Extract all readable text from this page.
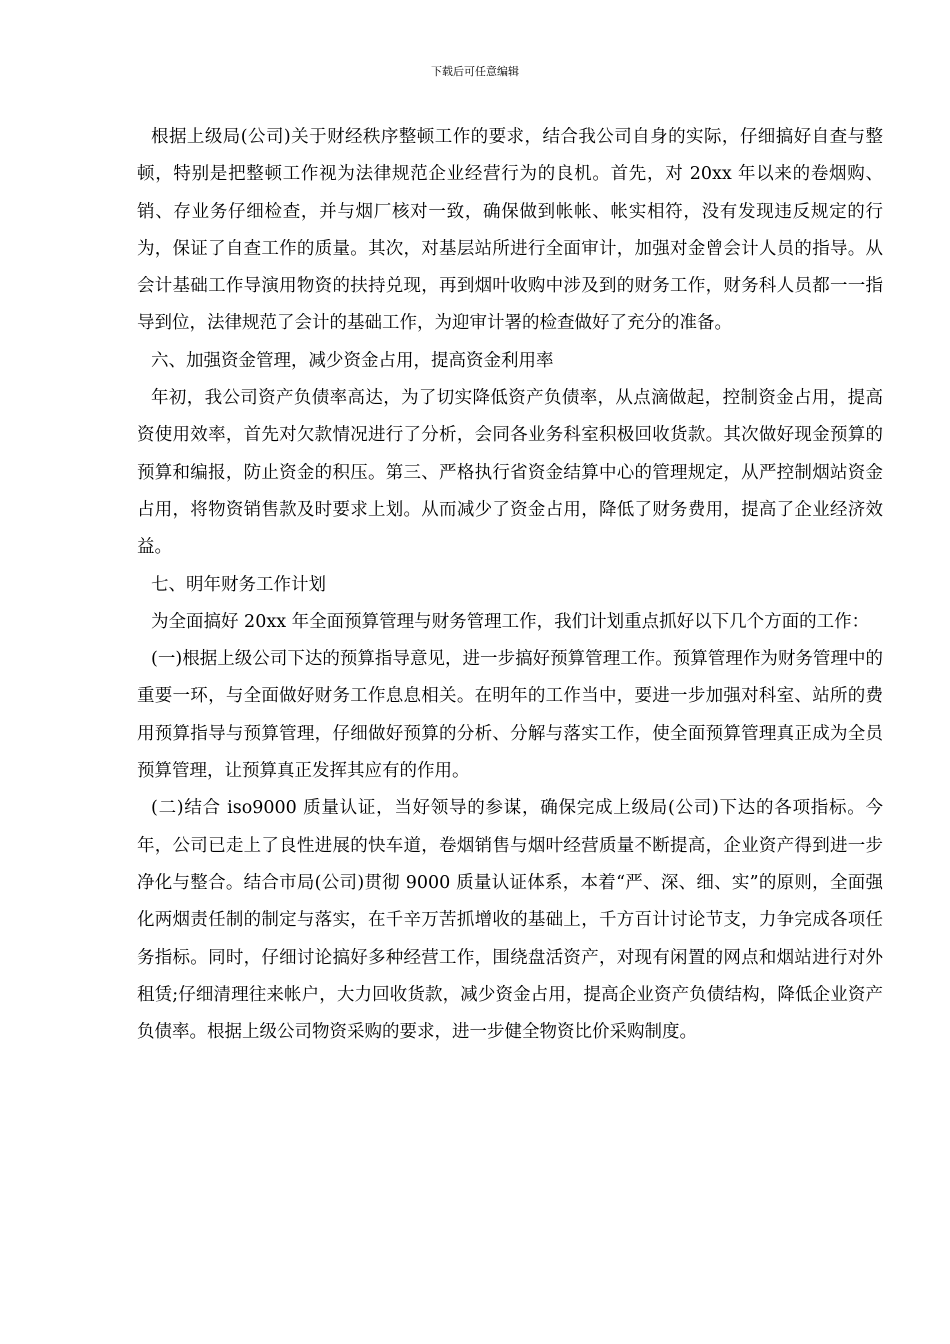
下载后可任意编辑

根据上级局(公司)关于财经秩序整顿工作的要求，结合我公司自身的实际，仔细搞好自查与整顿，特别是把整顿工作视为法律规范企业经营行为的良机。首先，对 20xx 年以来的卷烟购、销、存业务仔细检查，并与烟厂核对一致，确保做到帐帐、帐实相符，没有发现违反规定的行为，保证了自查工作的质量。其次，对基层站所进行全面审计，加强对金曾会计人员的指导。从会计基础工作导演用物资的扶持兑现，再到烟叶收购中涉及到的财务工作，财务科人员都一一指导到位，法律规范了会计的基础工作，为迎审计署的检查做好了充分的准备。

六、加强资金管理，减少资金占用，提高资金利用率

年初，我公司资产负债率高达，为了切实降低资产负债率，从点滴做起，控制资金占用，提高资使用效率，首先对欠款情况进行了分析，会同各业务科室积极回收货款。其次做好现金预算的预算和编报，防止资金的积压。第三、严格执行省资金结算中心的管理规定，从严控制烟站资金占用，将物资销售款及时要求上划。从而减少了资金占用，降低了财务费用，提高了企业经济效益。

七、明年财务工作计划

为全面搞好 20xx 年全面预算管理与财务管理工作，我们计划重点抓好以下几个方面的工作：

(一)根据上级公司下达的预算指导意见，进一步搞好预算管理工作。预算管理作为财务管理中的重要一环，与全面做好财务工作息息相关。在明年的工作当中，要进一步加强对科室、站所的费用预算指导与预算管理，仔细做好预算的分析、分解与落实工作，使全面预算管理真正成为全员预算管理，让预算真正发挥其应有的作用。

(二)结合 iso9000 质量认证，当好领导的参谋，确保完成上级局(公司)下达的各项指标。今年，公司已走上了良性进展的快车道，卷烟销售与烟叶经营质量不断提高，企业资产得到进一步净化与整合。结合市局(公司)贯彻 9000 质量认证体系，本着“严、深、细、实”的原则，全面强化两烟责任制的制定与落实，在千辛万苦抓增收的基础上，千方百计讨论节支，力争完成各项任务指标。同时，仔细讨论搞好多种经营工作，围绕盘活资产，对现有闲置的网点和烟站进行对外租赁;仔细清理往来帐户，大力回收货款，减少资金占用，提高企业资产负债结构，降低企业资产负债率。根据上级公司物资采购的要求，进一步健全物资比价采购制度。
